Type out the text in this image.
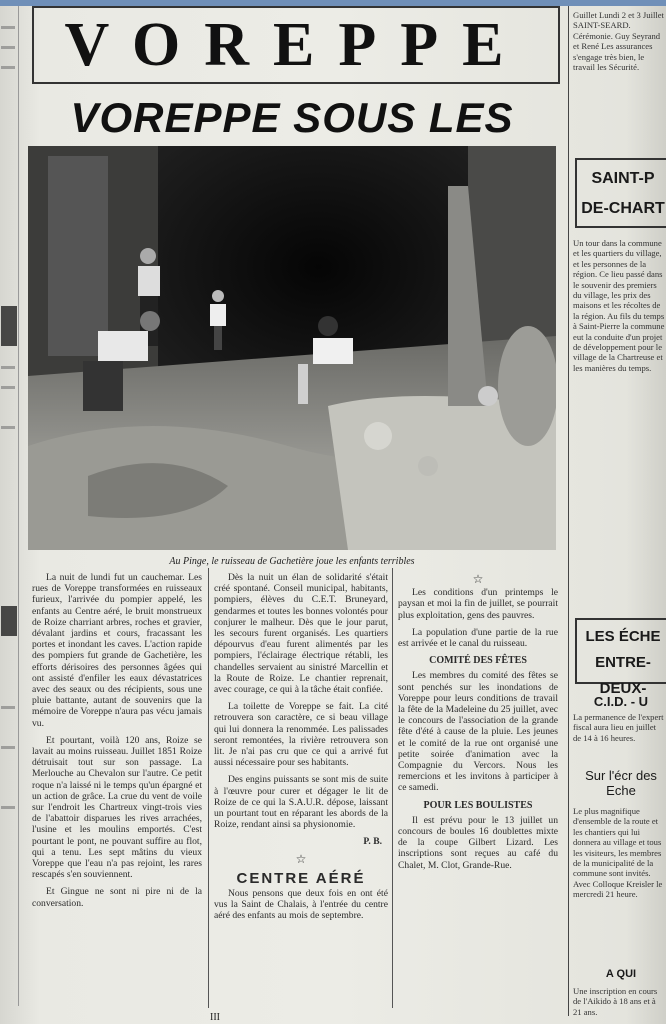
VOREPPE
VOREPPE SOUS LES
Au Pinge, le ruisseau de Gachetière joue les enfants terribles

La nuit de lundi fut un cauchemar. Les rues de Voreppe transformées en ruisseaux furieux, l'arrivée du pompier appelé, les enfants au Centre aéré, le bruit monstrueux de Roize charriant arbres, roches et gravier, dévalant jardins et cours, fracassant les portes et inondant les caves. L'action rapide des pompiers fut grande de Gachetière, les efforts dérisoires des personnes âgées qui ont assisté d'enfiler les eaux dévastatrices avec des seaux ou des récipients, sous une pluie battante, autant de souvenirs que la mémoire de Voreppe n'aura pas vécu jamais vu.

Et pourtant, voilà 120 ans, Roize se lavait au moins ruisseau. Juillet 1851 Roize détruisait tout sur son passage. La Merlouche au Chevalon sur l'autre. Ce petit roque n'a laissé ni le temps qu'un épargné et un action de grâce. La crue du vent de voile sur l'endroit les Chartreux vingt-trois vies de l'abattoir disparues les rives arrachées, l'usine et les moulins emportés. C'est pourtant le pont, ne pouvant suffire au flot, qui a tenu. Les sept mâtins du vieux Voreppe que l'eau n'a pas rejoint, les rares rescapés s'en souviennent.

Et Gingue ne sont ni pire ni de la conversation.

Dès la nuit un élan de solidarité s'était créé spontané. Conseil municipal, habitants, pompiers, élèves du C.E.T. Bruneyard, gendarmes et toutes les bonnes volontés pour conjurer le malheur. Dès que le jour parut, les secours furent organisés. Les quartiers dépourvus d'eau furent alimentés par les pompiers, l'éclairage électrique rétabli, les chandelles servaient au sinistré Marcellin et la Route de Roize. Le chantier reprenait, avec courage, ce qui à la tâche était confiée.

La toilette de Voreppe se fait. La cité retrouvera son caractère, ce si beau village qui lui donnera la renommée. Les palissades seront remontées, la rivière retrouvera son lit. Je n'ai pas cru que ce qui a arrivé fut aussi nécessaire pour ses habitants.

Des engins puissants se sont mis de suite à l'œuvre pour curer et dégager le lit de Roize de ce qui la S.A.U.R. dépose, laissant un pourtant tout en réparant les abords de la Roize, rendant ainsi sa physionomie.

P. B.
☆
CENTRE AÉRÉ

Nous pensons que deux fois en ont été vus la Saint de Chalais, à l'entrée du centre aéré des enfants au mois de septembre.

☆

Les conditions d'un printemps le paysan et moi la fin de juillet, se pourrait plus exploitation, gens des pauvres.

La population d'une partie de la rue est arrivée et le canal du ruisseau.

COMITÉ DES FÊTES

Les membres du comité des fêtes se sont penchés sur les inondations de Voreppe pour leurs conditions de travail la fête de la Madeleine du 25 juillet, avec le concours de l'association de la grande fête d'été à cause de la pluie. Les jeunes et le comité de la rue ont organisé une petite soirée d'animation avec la Compagnie du Vercors. Nous les remercions et les invitons à participer à ce samedi.

POUR LES BOULISTES

Il est prévu pour le 13 juillet un concours de boules 16 doublettes mixte de la coupe Gilbert Lizard. Les inscriptions sont reçues au café du Chalet, M. Clot, Grande-Rue.

Guillet Lundi 2 et 3 Juillet SAINT-SEARD. Cérémonie. Guy Seyrand et René Les assurances s'engage très bien, le travail les Sécurité.
SAINT-P DE-CHART
Un tour dans la commune et les quartiers du village, et les personnes de la région. Ce lieu passé dans le souvenir des premiers du village, les prix des maisons et les récoltes de la région. Au fils du temps à Saint-Pierre la commune eut la conduite d'un projet de développement pour le village de la Chartreuse et les manières du temps.
LES ÉCHE ENTRE-DEUX-
C.I.D. - U
La permanence de l'expert fiscal aura lieu en juillet de 14 à 16 heures.
Sur l'écr des Eche
Le plus magnifique d'ensemble de la route et les chantiers qui lui donnera au village et tous les visiteurs, les membres de la municipalité de la commune sont invités. Avec Colloque Kreisler le mercredi 21 heure.
A QUI
Une inscription en cours de l'Aikido à 18 ans et à 21 ans.
III
